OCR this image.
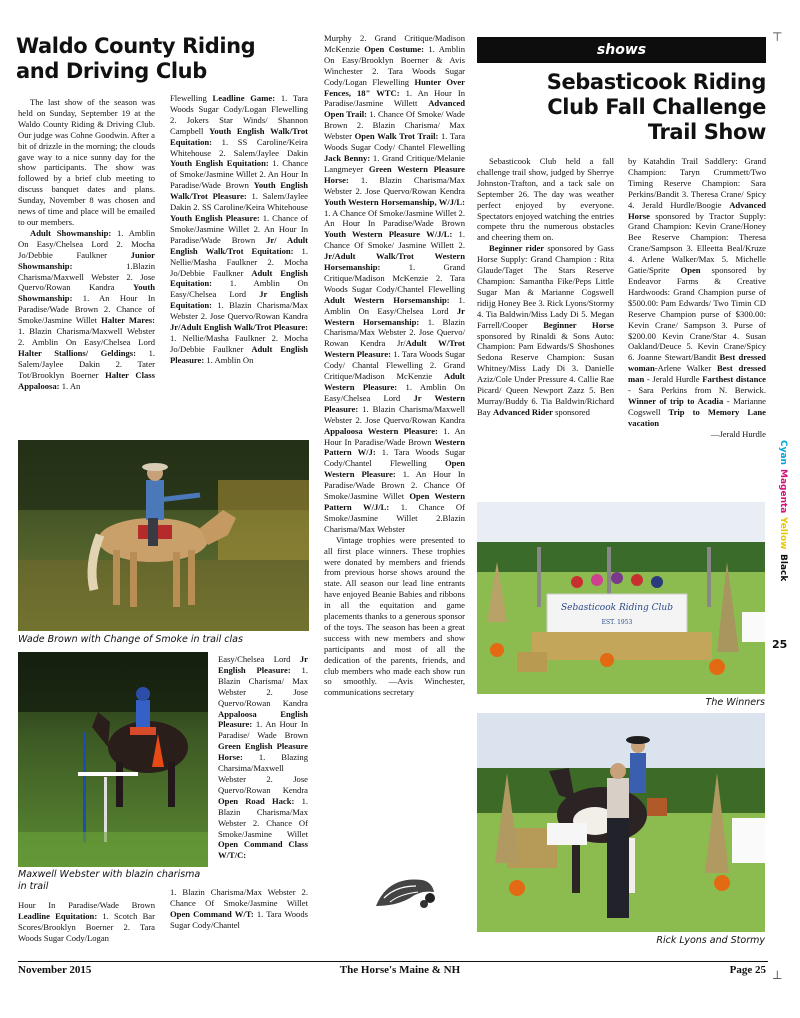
Waldo County Riding
and Driving Club

The last show of the season was held on Sunday, September 19 at the Waldo County Riding & Driving Club. Our judge was Cohne Goodwin. After a bit of drizzle in the morning; the clouds gave way to a nice sunny day for the show participants. The show was followed by a brief club meeting to discuss banquet dates and plans. Sunday, November 8 was chosen and news of time and place will be emailed to our members.

Adult Showmanship: 1. Amblin On Easy/Chelsea Lord 2. Mocha Jo/Debbie Faulkner Junior Showmanship: 1.Blazin Charisma/Maxwell Webster 2. Jose Quervo/Rowan Kandra Youth Showmanship: 1. An Hour In Paradise/Wade Brown 2. Chance of Smoke/Jasmine Willet Halter Mares: 1. Blazin Charisma/Maxwell Webster 2. Amblin On Easy/Chelsea Lord Halter Stallions/ Geldings: 1. Salem/Jaylee Dakin 2. Tater Tot/Brooklyn Boerner Halter Class Appaloosa: 1. An

Flewelling Leadline Game: 1. Tara Woods Sugar Cody/Logan Flewelling 2. Jokers Star Winds/ Shannon Campbell Youth English Walk/Trot Equitation: 1. SS Caroline/Keira Whitehouse 2. Salem/Jaylee Dakin Youth English Equitation: 1. Chance of Smoke/Jasmine Willet 2. An Hour In Paradise/Wade Brown Youth English Walk/Trot Pleasure: 1. Salem/Jaylee Dakin 2. SS Caroline/Keira Whitehouse Youth English Pleasure: 1. Chance of Smoke/Jasmine Willet 2. An Hour In Paradise/Wade Brown Jr/ Adult English Walk/Trot Equitation: 1. Nellie/Masha Faulkner 2. Mocha Jo/Debbie Faulkner Adult English Equitation: 1. Amblin On Easy/Chelsea Lord Jr English Equitation: 1. Blazin Charisma/Max Webster 2. Jose Quervo/Rowan Kandra Jr/Adult English Walk/Trot Pleasure: 1. Nellie/Masha Faulkner 2. Mocha Jo/Debbie Faulkner Adult English Pleasure: 1. Amblin On

Murphy 2. Grand Critique/Madison McKenzie Open Costume: 1. Amblin On Easy/Brooklyn Boerner & Avis Winchester 2. Tara Woods Sugar Cody/Logan Flewelling Hunter Over Fences, 18" WTC: 1. An Hour In Paradise/Jasmine Willett Advanced Open Trail: 1. Chance Of Smoke/ Wade Brown 2. Blazin Charisma/ Max Webster Open Walk Trot Trail: 1. Tara Woods Sugar Cody/ Chantel Flewelling Jack Benny: 1. Grand Critique/Melanie Langmeyer Green Western Pleasure Horse: 1. Blazin Charisma/Max Webster 2. Jose Quervo/Rowan Kendra Youth Western Horsemanship, W/J/L: 1. A Chance Of Smoke/Jasmine Willet 2. An Hour In Paradise/Wade Brown Youth Western Pleasure W/J/L: 1. Chance Of Smoke/ Jasmine Willett 2. Jr/Adult Walk/Trot Western Horsemanship: 1. Grand Critique/Madison McKenzie 2. Tara Woods Sugar Cody/Chantel Flewelling Adult Western Horsemanship: 1. Amblin On Easy/Chelsea Lord Jr Western Horsemanship: 1. Blazin Charisma/Max Webster 2. Jose Quervo/ Rowan Kendra Jr/Adult W/Trot Western Pleasure: 1. Tara Woods Sugar Cody/ Chantal Flewelling 2. Grand Critique/Madison McKenzie Adult Western Pleasure: 1. Amblin On Easy/Chelsea Lord Jr Western Pleasure: 1. Blazin Charisma/Maxwell Webster 2. Jose Quervo/Rowan Kandra Appaloosa Western Pleasure: 1. An Hour In Paradise/Wade Brown Western Pattern W/J: 1. Tara Woods Sugar Cody/Chantel Flewelling Open Western Pleasure: 1. An Hour In Paradise/Wade Brown 2. Chance Of Smoke/Jasmine Willet Open Western Pattern W/J/L: 1. Chance Of Smoke/Jasmine Willet 2.Blazin Charisma/Max Webster

Vintage trophies were presented to all first place winners. These trophies were donated by members and friends from previous horse shows around the state. All season our lead line entrants have enjoyed Beanie Babies and ribbons in all the equitation and game placements thanks to a generous sponsor of the toys. The season has been a great success with new members and show participants and most of all the dedication of the parents, friends, and club members who made each show run so smoothly. —Avis Winchester, communications secretary

Wade Brown with Change of Smoke in trail clas
Maxwell Webster with blazin charisma in trail

Easy/Chelsea Lord Jr English Pleasure: 1. Blazin Charisma/ Max Webster 2. Jose Quervo/Rowan Kandra Appaloosa English Pleasure: 1. An Hour In Paradise/ Wade Brown Green English Pleasure Horse: 1. Blazing Charsima/Maxwell Webster 2. Jose Quervo/Rowan Kendra Open Road Hack: 1. Blazin Charisma/Max Webster 2. Chance Of Smoke/Jasmine Willet Open Command Class W/T/C:

Hour In Paradise/Wade Brown Leadline Equitation: 1. Scotch Bar Scores/Brooklyn Boerner 2. Tara Woods Sugar Cody/Logan

1. Blazin Charisma/Max Webster 2. Chance Of Smoke/Jasmine Willet Open Command W/T: 1. Tara Woods Sugar Cody/Chantel

shows
Sebasticook Riding
Club Fall Challenge
Trail Show

Sebasticook Club held a fall challenge trail show, judged by Sherrye Johnston-Trafton, and a tack sale on September 26. The day was weather perfect enjoyed by everyone. Spectators enjoyed watching the entries compete thru the numerous obstacles and cheering them on.

Beginner rider sponsored by Gass Horse Supply: Grand Champion : Rita Glaude/Taget The Stars Reserve Champion: Samantha Fike/Peps Little Sugar Man & Marianne Cogswell ridijg Honey Bee 3. Rick Lyons/Stormy 4. Tia Baldwin/Miss Lady Di 5. Megan Farrell/Cooper Beginner Horse sponsored by Rinaldi & Sons Auto: Champion: Pam Edwards/S Shoshones Sedona Reserve Champion: Susan Whitney/Miss Lady Di 3. Danielle Aziz/Cole Under Pressure 4. Callie Rae Picard/ Queen Newport Zazz 5. Ben Murray/Buddy 6. Tia Baldwin/Richard Bay Advanced Rider sponsored

by Katahdin Trail Saddlery: Grand Champion: Taryn Crummett/Two Timing Reserve Champion: Sara Perkins/Bandit 3. Theresa Crane/ Spicy 4. Jerald Hurdle/Boogie Advanced Horse sponsored by Tractor Supply: Grand Champion: Kevin Crane/Honey Bee Reserve Champion: Theresa Crane/Sampson 3. Elleetta Beal/Kruze 4. Arlene Walker/Max 5. Michelle Gatie/Sprite Open sponsored by Endeavor Farms & Creative Hardwoods: Grand Champion purse of $500.00: Pam Edwards/ Two Timin CD Reserve Champion purse of $300.00: Kevin Crane/ Sampson 3. Purse of $200.00 Kevin Crane/Star 4. Susan Oakland/Deuce 5. Kevin Crane/Spicy 6. Joanne Stewart/Bandit Best dressed woman-Arlene Walker Best dressed man - Jerald Hurdle Farthest distance - Sara Perkins from N. Berwick. Winner of trip to Acadia - Marianne Cogswell Trip to Memory Lane vacation

—Jerald Hurdle

Sebasticook Riding Club
EST. 1953
The Winners
Rick Lyons and Stormy
November 2015	The Horse's Maine & NH	Page 25
⊤
⊥
Cyan
Magenta
Yellow
Black
25
